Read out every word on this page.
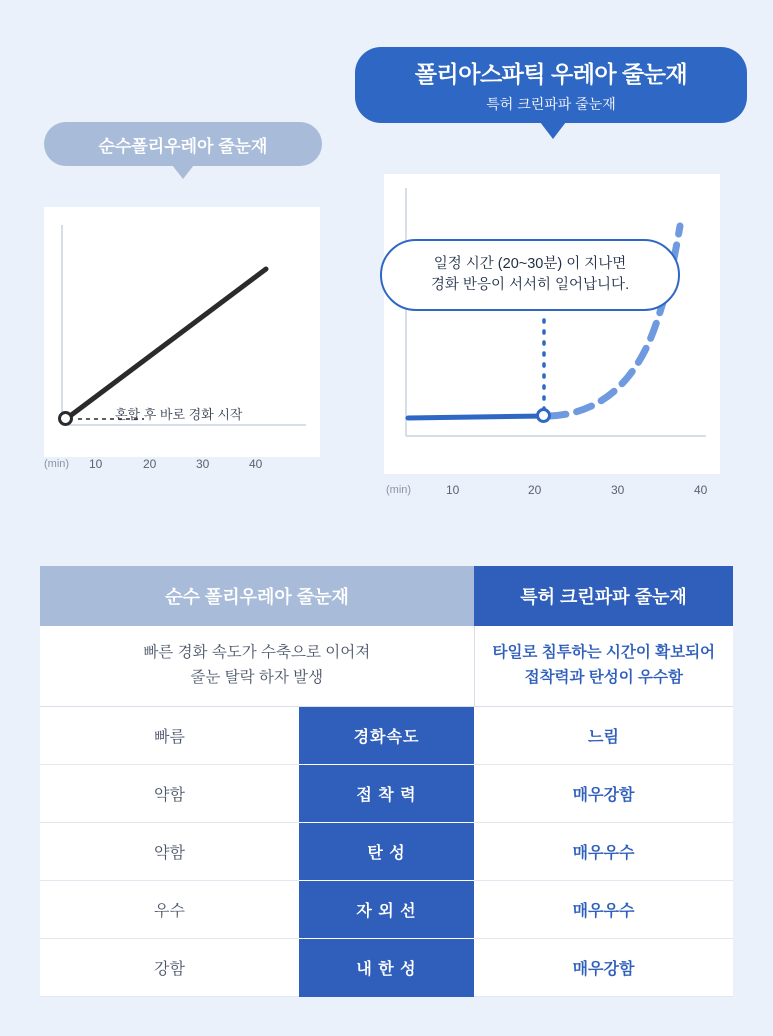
순수폴리우레아 줄눈재
폴리아스파틱 우레아 줄눈재
특허 크린파파 줄눈재
(min) 10	20	30	40
혼합 후 바로 경화 시작
일정 시간 (20~30분) 이 지나면
경화 반응이 서서히 일어납니다.
(min)	10	20	30	40
순수 폴리우레아 줄눈재		특허 크린파파 줄눈재

빠른 경화 속도가 수축으로 이어져
줄눈 탈락 하자 발생

타일로 침투하는 시간이 확보되어
접착력과 탄성이 우수함

빠름	경화속도	느림
약함	접 착 력	매우강함
약함	탄 성	매우우수
우수	자 외 선	매우우수
강함	내 한 성	매우강함
